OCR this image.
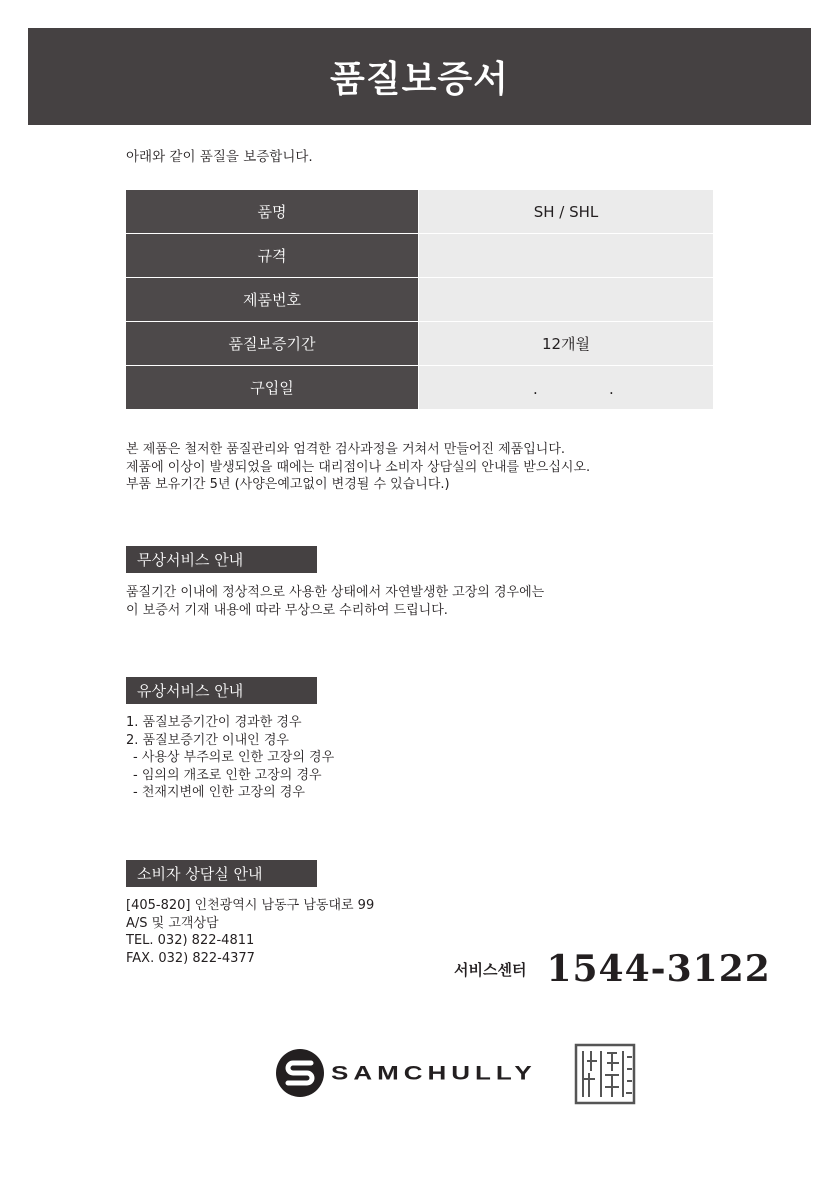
품질보증서
아래와 같이 품질을 보증합니다.
품명	SH / SHL
규격	
제품번호	
품질보증기간	12개월
구입일	. .
본 제품은 철저한 품질관리와 엄격한 검사과정을 거쳐서 만들어진 제품입니다.
제품에 이상이 발생되었을 때에는 대리점이나 소비자 상담실의 안내를 받으십시오.
부품 보유기간 5년 (사양은예고없이 변경될 수 있습니다.)
무상서비스 안내
품질기간 이내에 정상적으로 사용한 상태에서 자연발생한 고장의 경우에는
이 보증서 기재 내용에 따라 무상으로 수리하여 드립니다.
유상서비스 안내
1. 품질보증기간이 경과한 경우
2. 품질보증기간 이내인 경우
- 사용상 부주의로 인한 고장의 경우
- 임의의 개조로 인한 고장의 경우
- 천재지변에 인한 고장의 경우
소비자 상담실 안내
[405-820] 인천광역시 남동구 남동대로 99
A/S 및 고객상담
TEL. 032) 822-4811
FAX. 032) 822-4377
서비스센터 1544-3122
SAMCHULLY
